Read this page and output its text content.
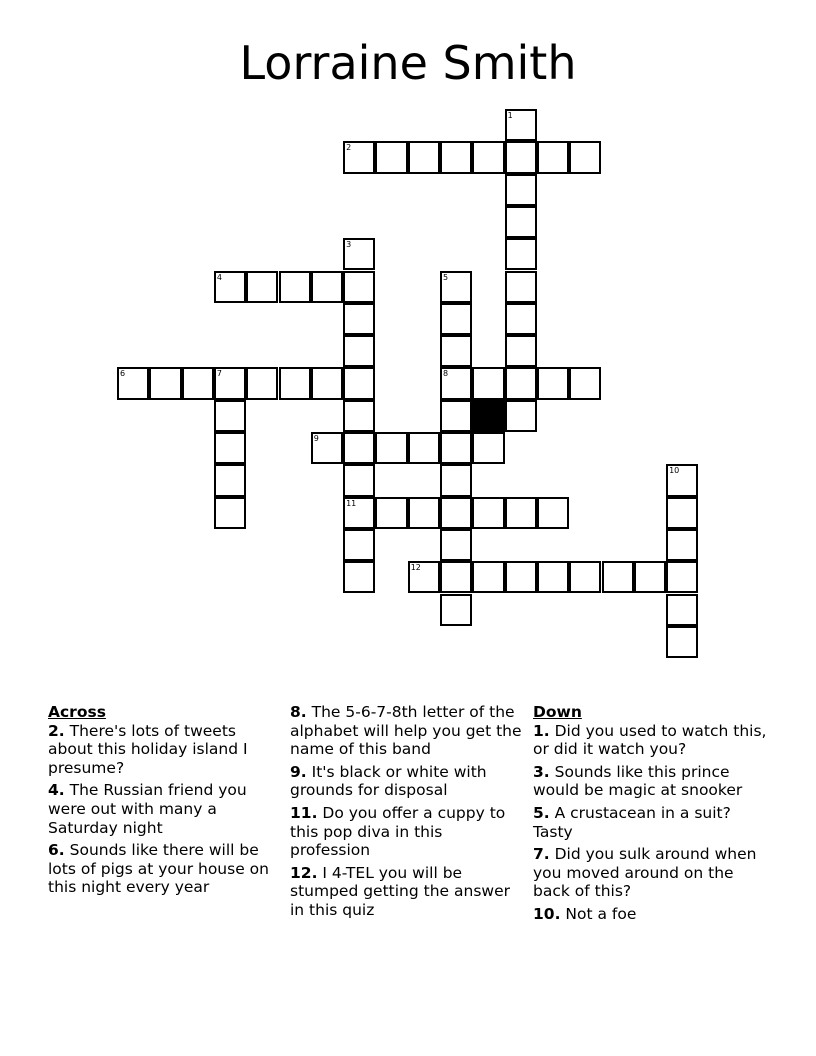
Lorraine Smith
1
2
3
11
4	5
8
6	7
9
10
12
Across
2. There's lots of tweets about this holiday island I presume?
4. The Russian friend you were out with many a Saturday night
6. Sounds like there will be lots of pigs at your house on this night every year
8. The 5-6-7-8th letter of the alphabet will help you get the name of this band
9. It's black or white with grounds for disposal
11. Do you offer a cuppy to this pop diva in this profession
12. I 4-TEL you will be stumped getting the answer in this quiz
Down
1. Did you used to watch this, or did it watch you?
3. Sounds like this prince would be magic at snooker
5. A crustacean in a suit? Tasty
7. Did you sulk around when you moved around on the back of this?
10. Not a foe
